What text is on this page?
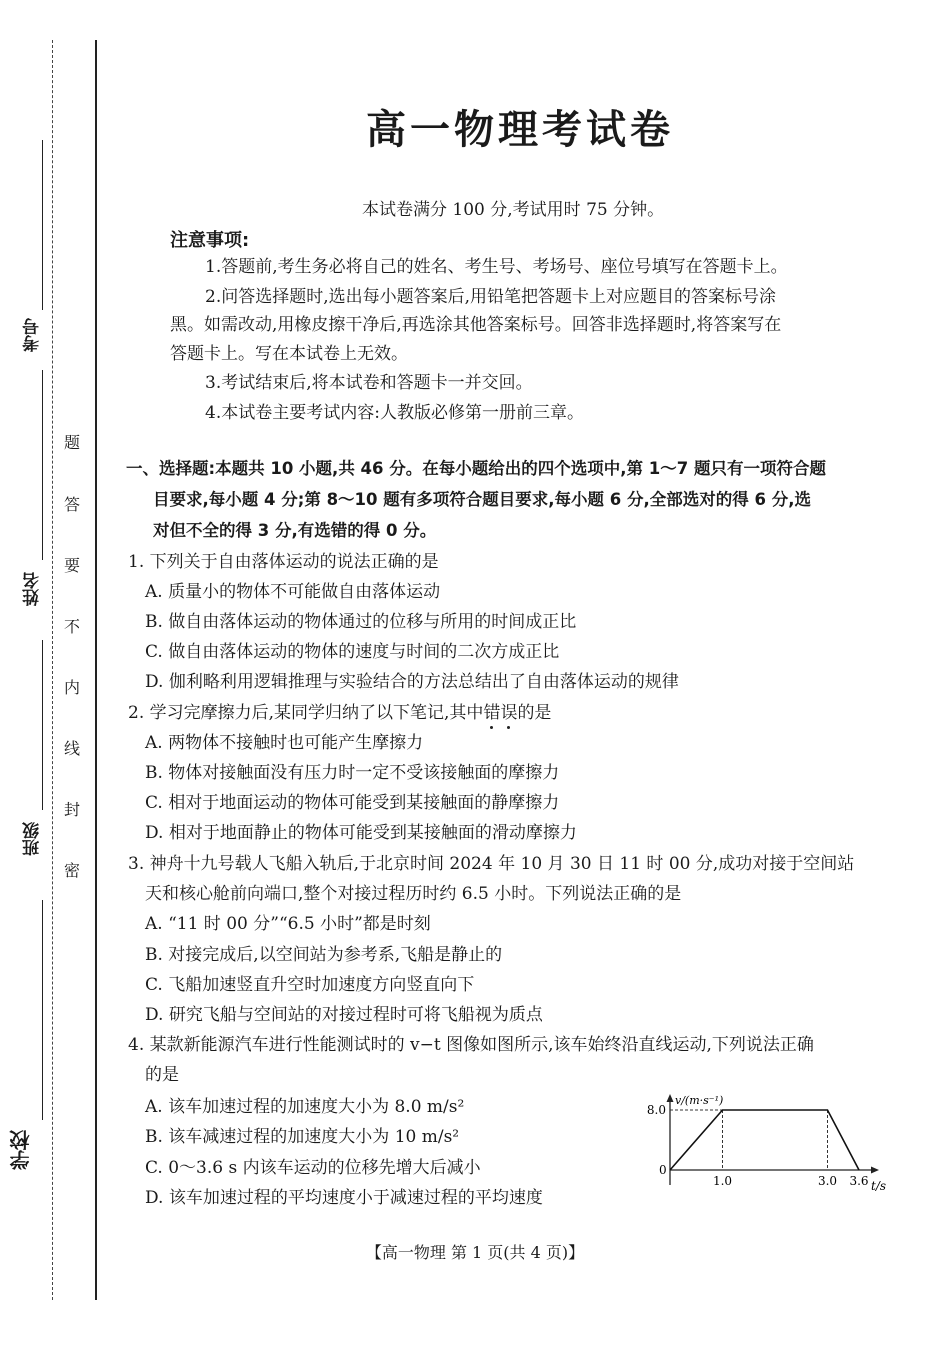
考号
姓名
班级
学校
题
答
要
不
内
线
封
密
高一物理考试卷
本试卷满分 100 分,考试用时 75 分钟。
注意事项:
1.答题前,考生务必将自己的姓名、考生号、考场号、座位号填写在答题卡上。
2.问答选择题时,选出每小题答案后,用铅笔把答题卡上对应题目的答案标号涂
黑。如需改动,用橡皮擦干净后,再选涂其他答案标号。回答非选择题时,将答案写在
答题卡上。写在本试卷上无效。
3.考试结束后,将本试卷和答题卡一并交回。
4.本试卷主要考试内容:人教版必修第一册前三章。
一、选择题:本题共 10 小题,共 46 分。在每小题给出的四个选项中,第 1～7 题只有一项符合题
目要求,每小题 4 分;第 8～10 题有多项符合题目要求,每小题 6 分,全部选对的得 6 分,选
对但不全的得 3 分,有选错的得 0 分。
1. 下列关于自由落体运动的说法正确的是
A. 质量小的物体不可能做自由落体运动
B. 做自由落体运动的物体通过的位移与所用的时间成正比
C. 做自由落体运动的物体的速度与时间的二次方成正比
D. 伽利略利用逻辑推理与实验结合的方法总结出了自由落体运动的规律
2. 学习完摩擦力后,某同学归纳了以下笔记,其中错误的是
A. 两物体不接触时也可能产生摩擦力
B. 物体对接触面没有压力时一定不受该接触面的摩擦力
C. 相对于地面运动的物体可能受到某接触面的静摩擦力
D. 相对于地面静止的物体可能受到某接触面的滑动摩擦力
3. 神舟十九号载人飞船入轨后,于北京时间 2024 年 10 月 30 日 11 时 00 分,成功对接于空间站
天和核心舱前向端口,整个对接过程历时约 6.5 小时。下列说法正确的是
A. “11 时 00 分”“6.5 小时”都是时刻
B. 对接完成后,以空间站为参考系,飞船是静止的
C. 飞船加速竖直升空时加速度方向竖直向下
D. 研究飞船与空间站的对接过程时可将飞船视为质点
4. 某款新能源汽车进行性能测试时的 v−t 图像如图所示,该车始终沿直线运动,下列说法正确
的是
A. 该车加速过程的加速度大小为 8.0 m/s²
B. 该车减速过程的加速度大小为 10 m/s²
C. 0～3.6 s 内该车运动的位移先增大后减小
D. 该车加速过程的平均速度小于减速过程的平均速度
v/(m·s⁻¹)
t/s
0
1.0	3.0 3.6
8.0
【高一物理 第 1 页(共 4 页)】
